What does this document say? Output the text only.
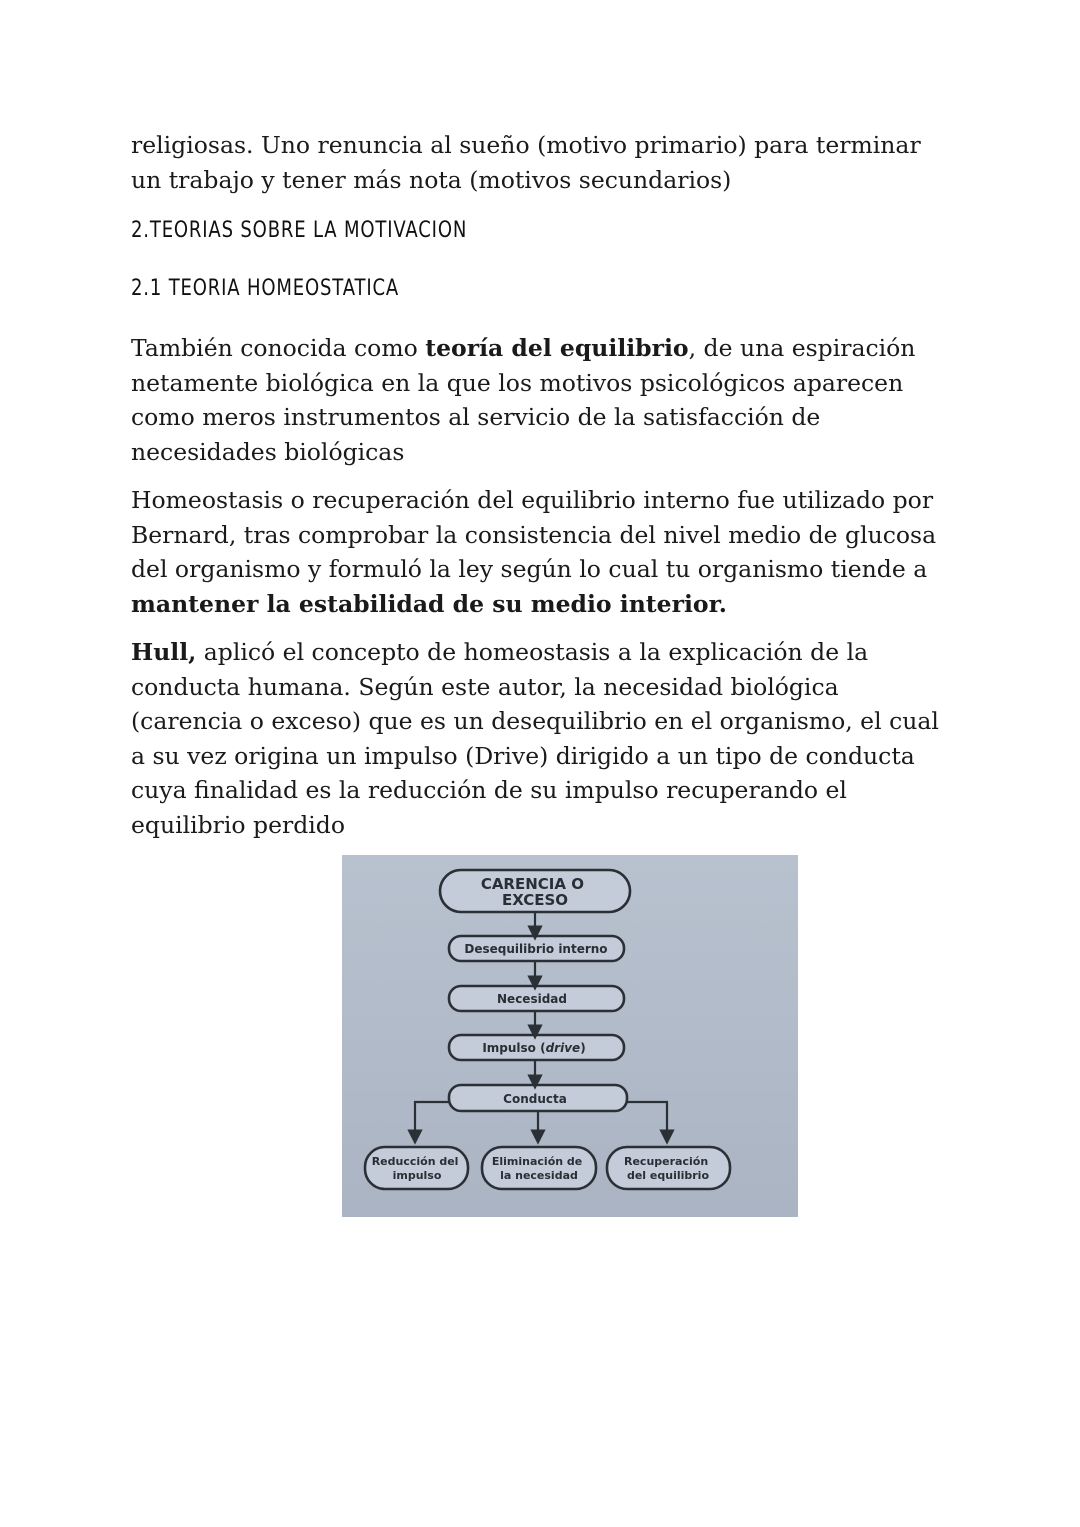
religiosas. Uno renuncia al sueño (motivo primario) para terminar
un trabajo y tener más nota (motivos secundarios)

2.TEORIAS SOBRE LA MOTIVACION
2.1 TEORIA HOMEOSTATICA

También conocida como teoría del equilibrio, de una espiración netamente biológica en la que los motivos psicológicos aparecen como meros instrumentos al servicio de la satisfacción de necesidades biológicas

Homeostasis o recuperación del equilibrio interno fue utilizado por Bernard, tras comprobar la consistencia del nivel medio de glucosa del organismo y formuló la ley según lo cual tu organismo tiende a mantener la estabilidad de su medio interior.

Hull, aplicó el concepto de homeostasis a la explicación de la conducta humana. Según este autor, la necesidad biológica (carencia o exceso) que es un desequilibrio en el organismo, el cual a su vez origina un impulso (Drive) dirigido a un tipo de conducta cuya finalidad es la reducción de su impulso recuperando el equilibrio perdido

CARENCIA O EXCESO
Desequilibrio interno
Necesidad
Impulso (drive)
Conducta
Reducción del impulso
Eliminación de la necesidad
Recuperación del equilibrio
